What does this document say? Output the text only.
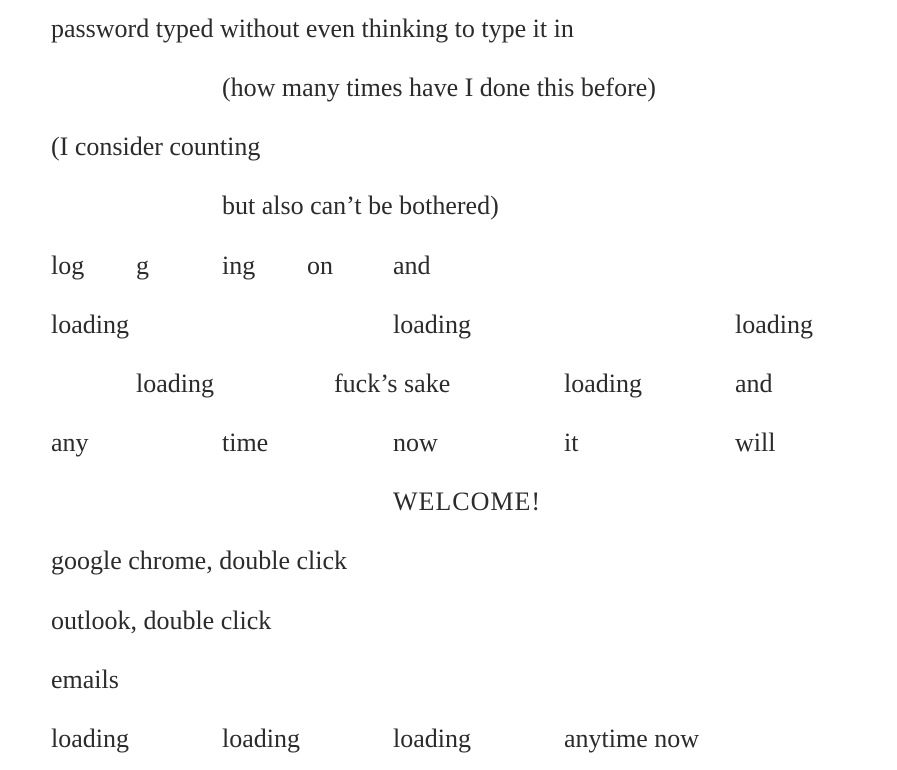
password typed without even thinking to type it in
(how many times have I done this before)
(I consider counting
but also can’t be bothered)
log g	ing on and
loading	loading	loading
loading	fuck’s sake	loading	and
any	time	now	it	will
WELCOME!
google chrome, double click
outlook, double click
emails
loading	loading	loading	anytime now
